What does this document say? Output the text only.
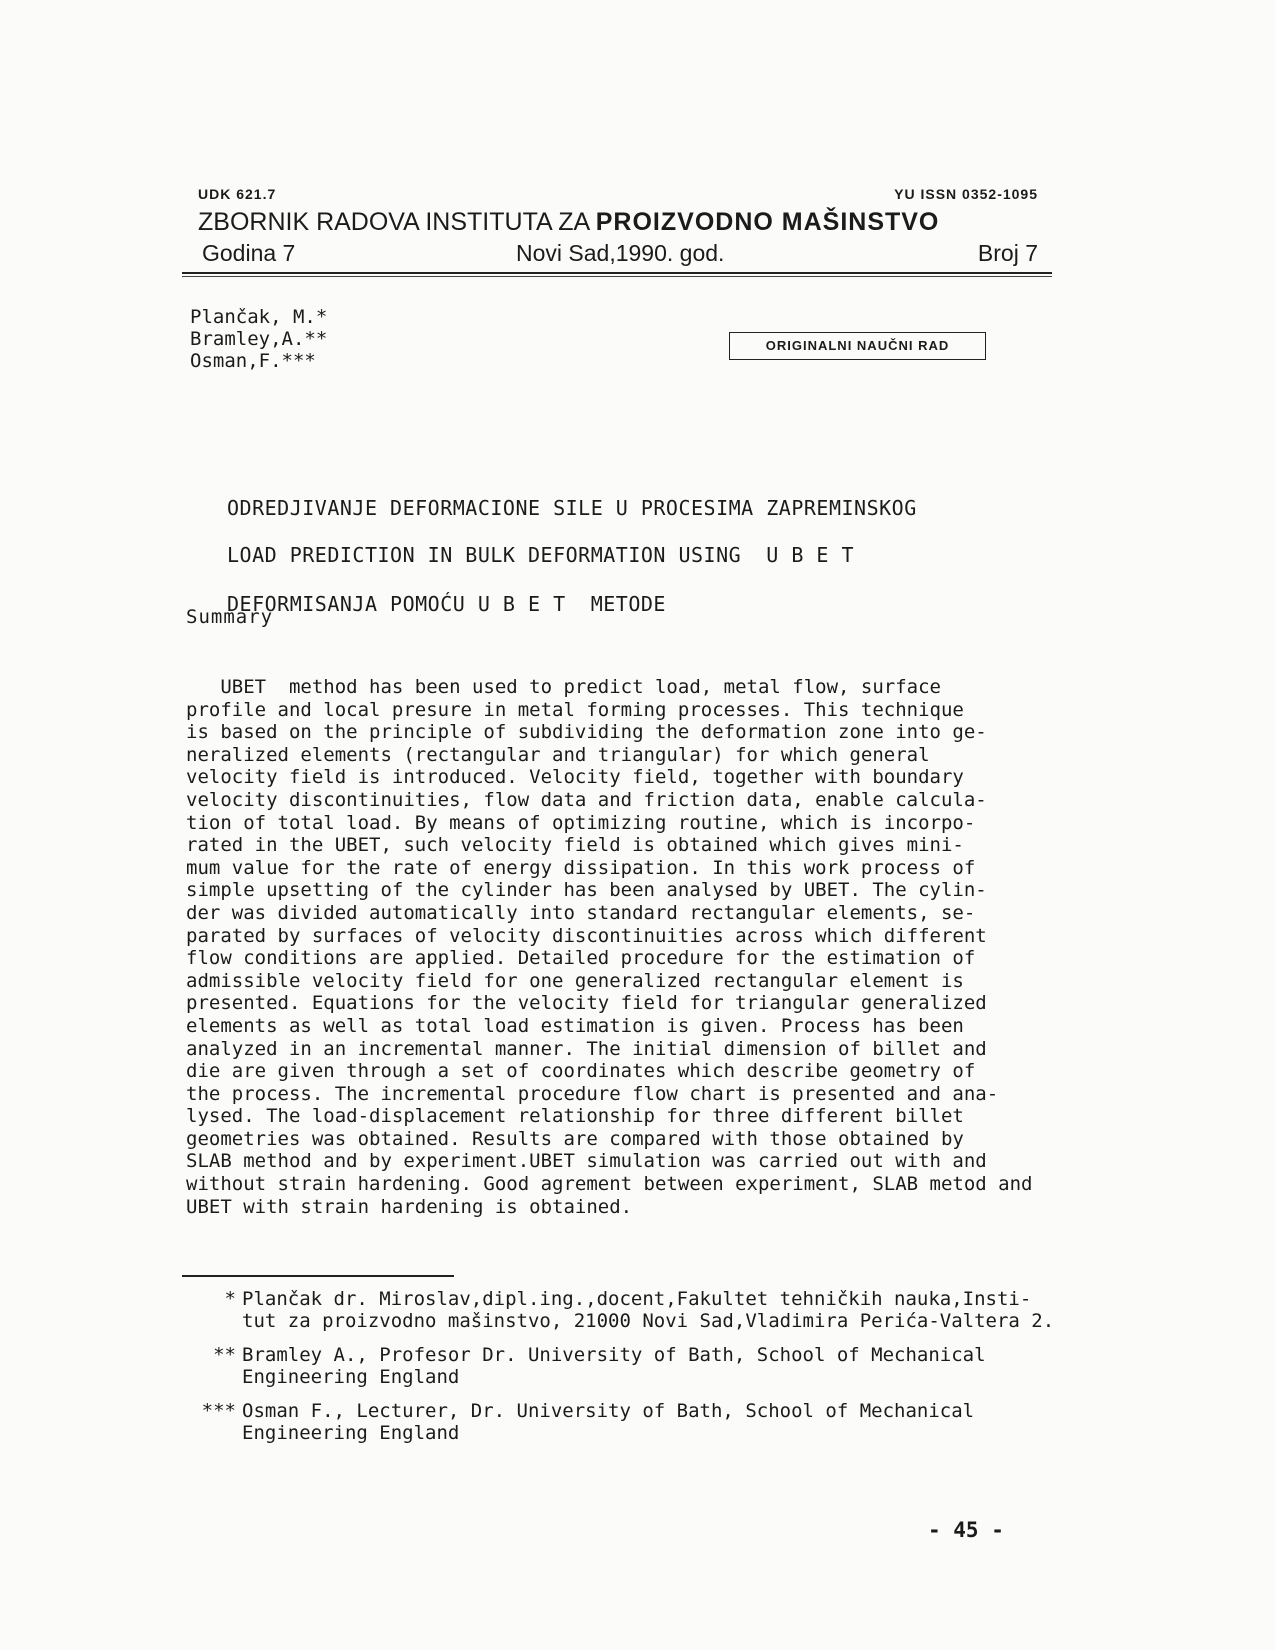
UDK 621.7	YU ISSN 0352-1095
ZBORNIK RADOVA INSTITUTA ZA PROIZVODNO MAŠINSTVO
Godina 7	Novi Sad,1990. god.	Broj 7
Plančak, M.*
Bramley,A.**
Osman,F.***
ORIGINALNI NAUČNI RAD

ODREDJIVANJE DEFORMACIONE SILE U PROCESIMA ZAPREMINSKOG

DEFORMISANJA POMOĆU U B E T  METODE

LOAD PREDICTION IN BULK DEFORMATION USING  U B E T
Summary
UBET  method has been used to predict load, metal flow, surface
profile and local presure in metal forming processes. This technique
is based on the principle of subdividing the deformation zone into ge-
neralized elements (rectangular and triangular) for which general
velocity field is introduced. Velocity field, together with boundary
velocity discontinuities, flow data and friction data, enable calcula-
tion of total load. By means of optimizing routine, which is incorpo-
rated in the UBET, such velocity field is obtained which gives mini-
mum value for the rate of energy dissipation. In this work process of
simple upsetting of the cylinder has been analysed by UBET. The cylin-
der was divided automatically into standard rectangular elements, se-
parated by surfaces of velocity discontinuities across which different
flow conditions are applied. Detailed procedure for the estimation of
admissible velocity field for one generalized rectangular element is
presented. Equations for the velocity field for triangular generalized
elements as well as total load estimation is given. Process has been
analyzed in an incremental manner. The initial dimension of billet and
die are given through a set of coordinates which describe geometry of
the process. The incremental procedure flow chart is presented and ana-
lysed. The load-displacement relationship for three different billet
geometries was obtained. Results are compared with those obtained by
SLAB method and by experiment.UBET simulation was carried out with and
without strain hardening. Good agrement between experiment, SLAB metod and
UBET with strain hardening is obtained.
* Plančak dr. Miroslav,dipl.ing.,docent,Fakultet tehničkih nauka,Insti-
tut za proizvodno mašinstvo, 21000 Novi Sad,Vladimira Perića-Valtera 2.
** Bramley A., Profesor Dr. University of Bath, School of Mechanical
Engineering England
*** Osman F., Lecturer, Dr. University of Bath, School of Mechanical
Engineering England
- 45 -
